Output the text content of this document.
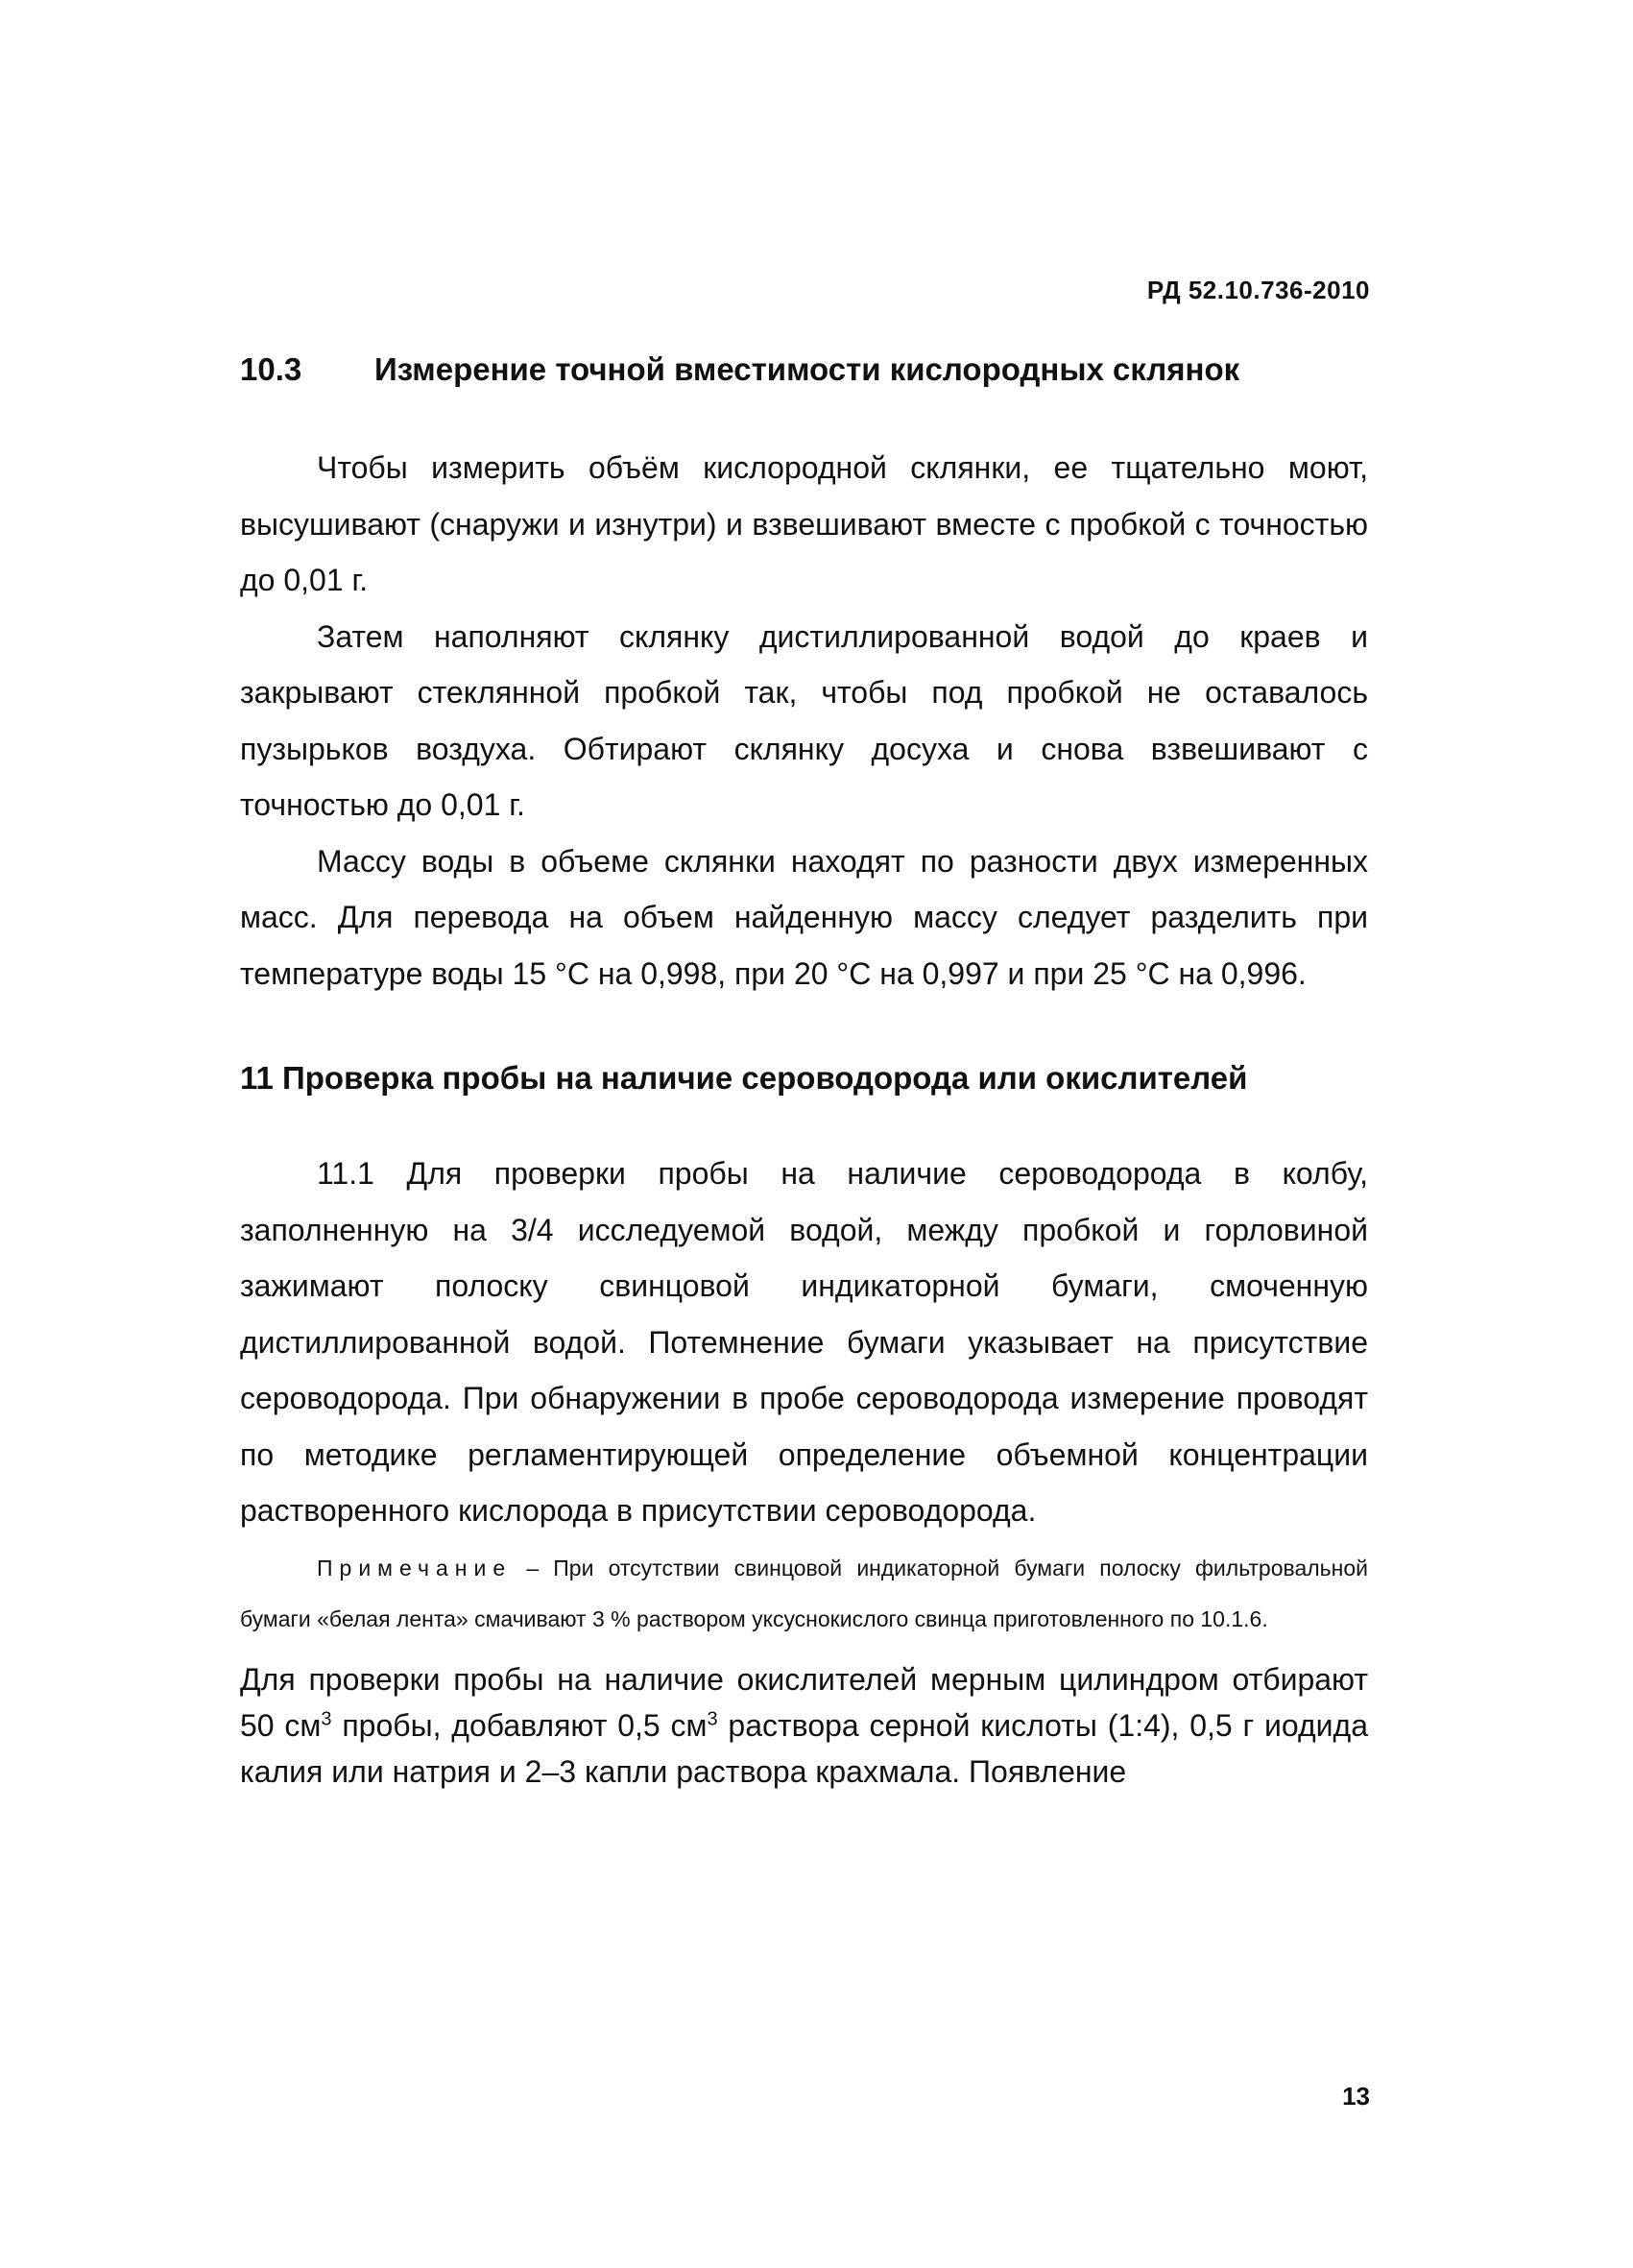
РД 52.10.736-2010
10.3	Измерение точной вместимости кислородных склянок

Чтобы измерить объём кислородной склянки, ее тщательно моют, высушивают (снаружи и изнутри) и взвешивают вместе с пробкой с точностью до 0,01 г.

Затем наполняют склянку дистиллированной водой до краев и закрывают стеклянной пробкой так, чтобы под пробкой не оставалось пузырьков воздуха. Обтирают склянку досуха и снова взвешивают с точностью до 0,01 г.

Массу воды в объеме склянки находят по разности двух измеренных масс. Для перевода на объем найденную массу следует разделить при температуре воды 15 °С на 0,998, при 20 °С на 0,997 и при 25 °С на 0,996.

11 Проверка пробы на наличие сероводорода или окислителей

11.1 Для проверки пробы на наличие сероводорода в колбу, заполненную на 3/4 исследуемой водой, между пробкой и горловиной зажимают полоску свинцовой индикаторной бумаги, смоченную дистиллированной водой. Потемнение бумаги указывает на присутствие сероводорода. При обнаружении в пробе сероводорода измерение проводят по методике регламентирующей определение объемной концентрации растворенного кислорода в присутствии сероводорода.

Примечание – При отсутствии свинцовой индикаторной бумаги полоску фильтровальной бумаги «белая лента» смачивают 3 % раствором уксуснокислого свинца приготовленного по 10.1.6.

Для проверки пробы на наличие окислителей мерным цилиндром отбирают 50 $см^3$ пробы, добавляют 0,5 $см^3$ раствора серной кислоты (1:4), 0,5 г иодида калия или натрия и 2–3 капли раствора крахмала. Появление

13
